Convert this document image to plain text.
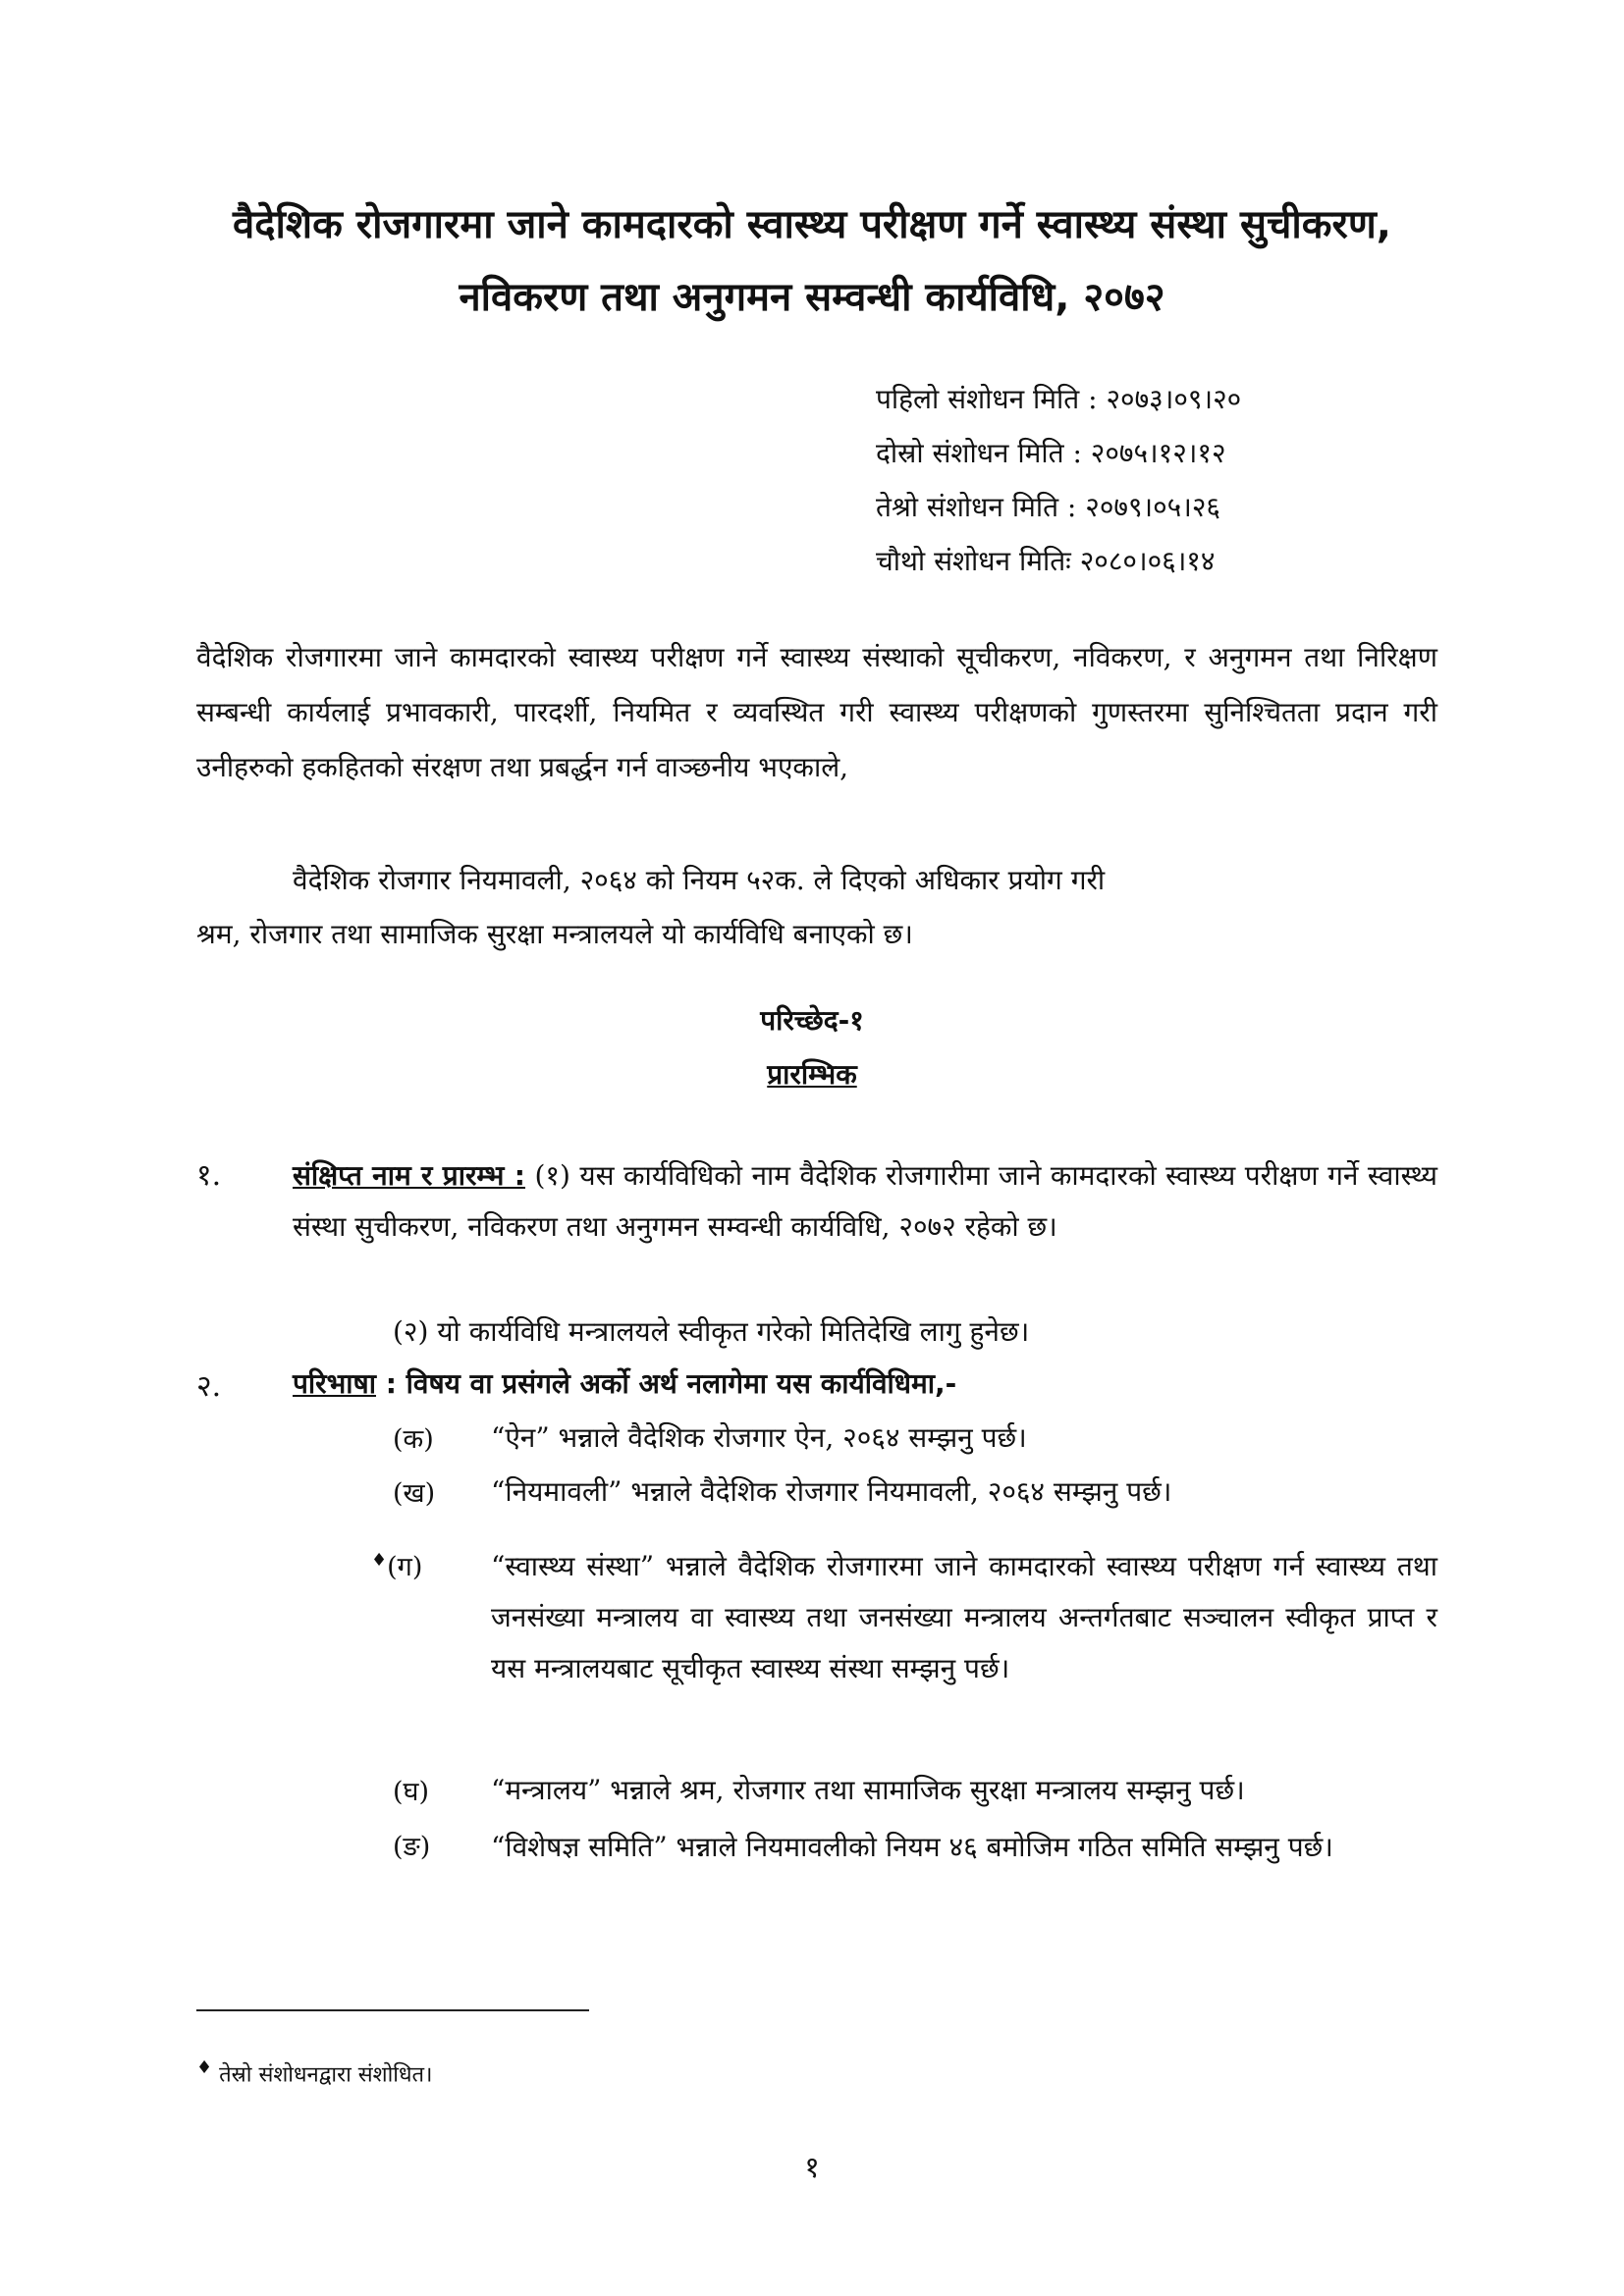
वैदेशिक रोजगारमा जाने कामदारको स्वास्थ्य परीक्षण गर्ने स्वास्थ्य संस्था सुचीकरण,
नविकरण तथा अनुगमन सम्वन्धी कार्यविधि, २०७२
पहिलो संशोधन मिति : २०७३।०९।२०
दोस्रो संशोधन मिति : २०७५।१२।१२
तेश्रो संशोधन मिति : २०७९।०५।२६
चौथो संशोधन मितिः २०८०।०६।१४
वैदेशिक रोजगारमा जाने कामदारको स्वास्थ्य परीक्षण गर्ने स्वास्थ्य संस्थाको सूचीकरण, नविकरण, र अनुगमन तथा निरिक्षण सम्बन्धी कार्यलाई प्रभावकारी, पारदर्शी, नियमित र व्यवस्थित गरी स्वास्थ्य परीक्षणको गुणस्तरमा सुनिश्चितता प्रदान गरी उनीहरुको हकहितको संरक्षण तथा प्रबर्द्धन गर्न वाञ्छनीय भएकाले,
वैदेशिक रोजगार नियमावली, २०६४ को नियम ५२क. ले दिएको अधिकार प्रयोग गरी
श्रम, रोजगार तथा सामाजिक सुरक्षा मन्त्रालयले यो कार्यविधि बनाएको छ।
परिच्छेद-१
प्रारम्भिक
१.	संक्षिप्त नाम र प्रारम्भ : (१) यस कार्यविधिको नाम वैदेशिक रोजगारीमा जाने कामदारको स्वास्थ्य परीक्षण गर्ने स्वास्थ्य संस्था सुचीकरण, नविकरण तथा अनुगमन सम्वन्धी कार्यविधि, २०७२ रहेको छ।
(२) यो कार्यविधि मन्त्रालयले स्वीकृत गरेको मितिदेखि लागु हुनेछ।
२.	परिभाषा : विषय वा प्रसंगले अर्को अर्थ नलागेमा यस कार्यविधिमा,-
(क) “ऐन” भन्नाले वैदेशिक रोजगार ऐन, २०६४ सम्झनु पर्छ।
(ख) “नियमावली” भन्नाले वैदेशिक रोजगार नियमावली, २०६४ सम्झनु पर्छ।
♦(ग) “स्वास्थ्य संस्था” भन्नाले वैदेशिक रोजगारमा जाने कामदारको स्वास्थ्य परीक्षण गर्न स्वास्थ्य तथा जनसंख्या मन्त्रालय वा स्वास्थ्य तथा जनसंख्या मन्त्रालय अन्तर्गतबाट सञ्चालन स्वीकृत प्राप्त र यस मन्त्रालयबाट सूचीकृत स्वास्थ्य संस्था सम्झनु पर्छ।
(घ) “मन्त्रालय” भन्नाले श्रम, रोजगार तथा सामाजिक सुरक्षा मन्त्रालय सम्झनु पर्छ।
(ङ) “विशेषज्ञ समिति” भन्नाले नियमावलीको नियम ४६ बमोजिम गठित समिति सम्झनु पर्छ।
♦ तेस्रो संशोधनद्वारा संशोधित।
१
